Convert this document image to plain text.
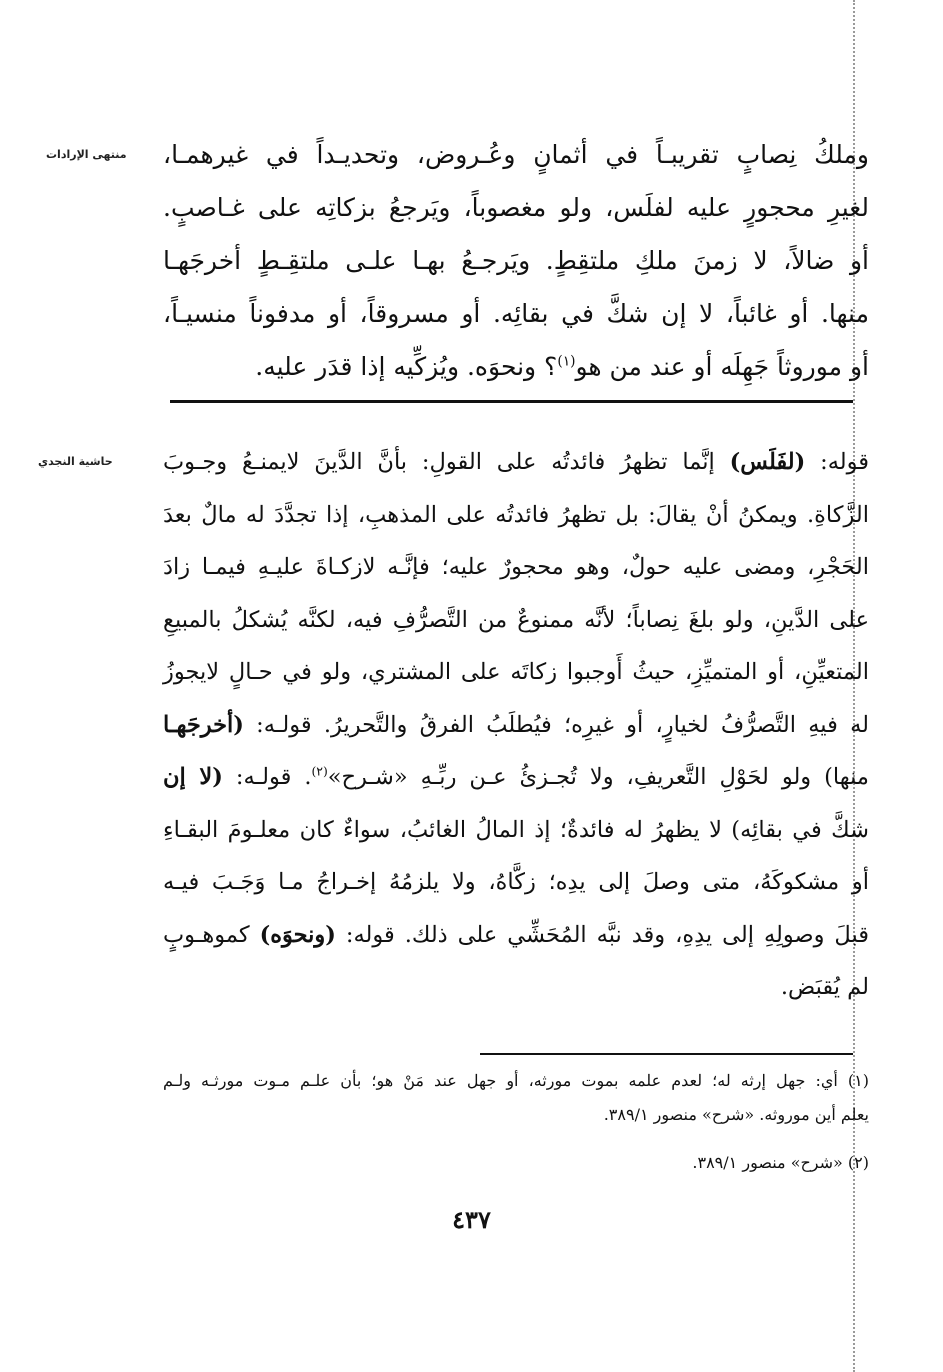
منتهى الإرادات وملكُ نِصابٍ تقريبـاً في أثمانٍ وعُـروض، وتحديـداً في غيرهمـا،
لغيرِ محجورٍ عليه لفلَس، ولو مغصوباً، ويَرجعُ بزكاتِه على غـاصبٍ.
أو ضالاً، لا زمنَ ملكِ ملتقِطٍ. ويَرجـعُ بهـا علـى ملتقِـطٍ أخرجَهـا
منها. أو غائباً، لا إن شكَّ في بقائِه. أو مسروقاً، أو مدفوناً منسيـاً،
أو موروثاً جَهِلَه أو عند من هو$^{(١)}$؟ ونحوَه. ويُزكِّيه إذا قدَر عليه.
حاشية النجدي	قوله: (لفَلَس) إنَّما تظهرُ فائدتُه على القولِ: بأنَّ الدَّينَ لايمنـعُ وجـوبَ
الزَّكاةِ. ويمكنُ أنْ يقالَ: بل تظهرُ فائدتُه على المذهبِ، إذا تجدَّدَ له مالٌ بعدَ
الحَجْرِ، ومضى عليه حولٌ، وهو محجورٌ عليه؛ فإنَّـه لازكـاةَ عليـهِ فيمـا زادَ
على الدَّينِ، ولو بلغَ نِصاباً؛ لأنَّه ممنوعٌ من التَّصرُّفِ فيه، لكنَّه يُشكلُ بالمبيعِ
المتعيِّنِ، أو المتميِّزِ، حيثُ أَوجبوا زكاتَه على المشتري، ولو في حـالٍ لايجوزُ
له فيهِ التَّصرُّفُ لخيارٍ، أو غيرِه؛ فيُطلَبُ الفرقُ والتَّحريرُ. قولـه: (أخرجَهـا
منها) ولو لحَوْلِ التَّعريفِ، ولا تُجـزئُ عـن ربِّـهِ «شـرح»$^{(٢)}$. قولـه: (لا إن
شكَّ في بقائِه) لا يظهرُ له فائدةٌ؛ إذ المالُ الغائبُ، سواءٌ كان معلـومَ البقـاءِ
أو مشكوكَهُ، متى وصلَ إلى يدِه؛ زكَّاهُ، ولا يلزمُهُ إخـراجُ مـا وَجَـبَ فيـه
قبلَ وصولِهِ إلى يدِهِ، وقد نبَّه المُحَشِّي على ذلك. قوله: (ونحوَه) كموهـوبٍ
لم يُقبَض.
(١) أي: جهل إرثه له؛ لعدم علمه بموت مورثه، أو جهل عند مَنْ هو؛ بأن علـم مـوت مورثـه ولـم
يعلم أين موروثه. «شرح» منصور ٣٨٩/١.
(٢) «شرح» منصور ٣٨٩/١.
٤٣٧
